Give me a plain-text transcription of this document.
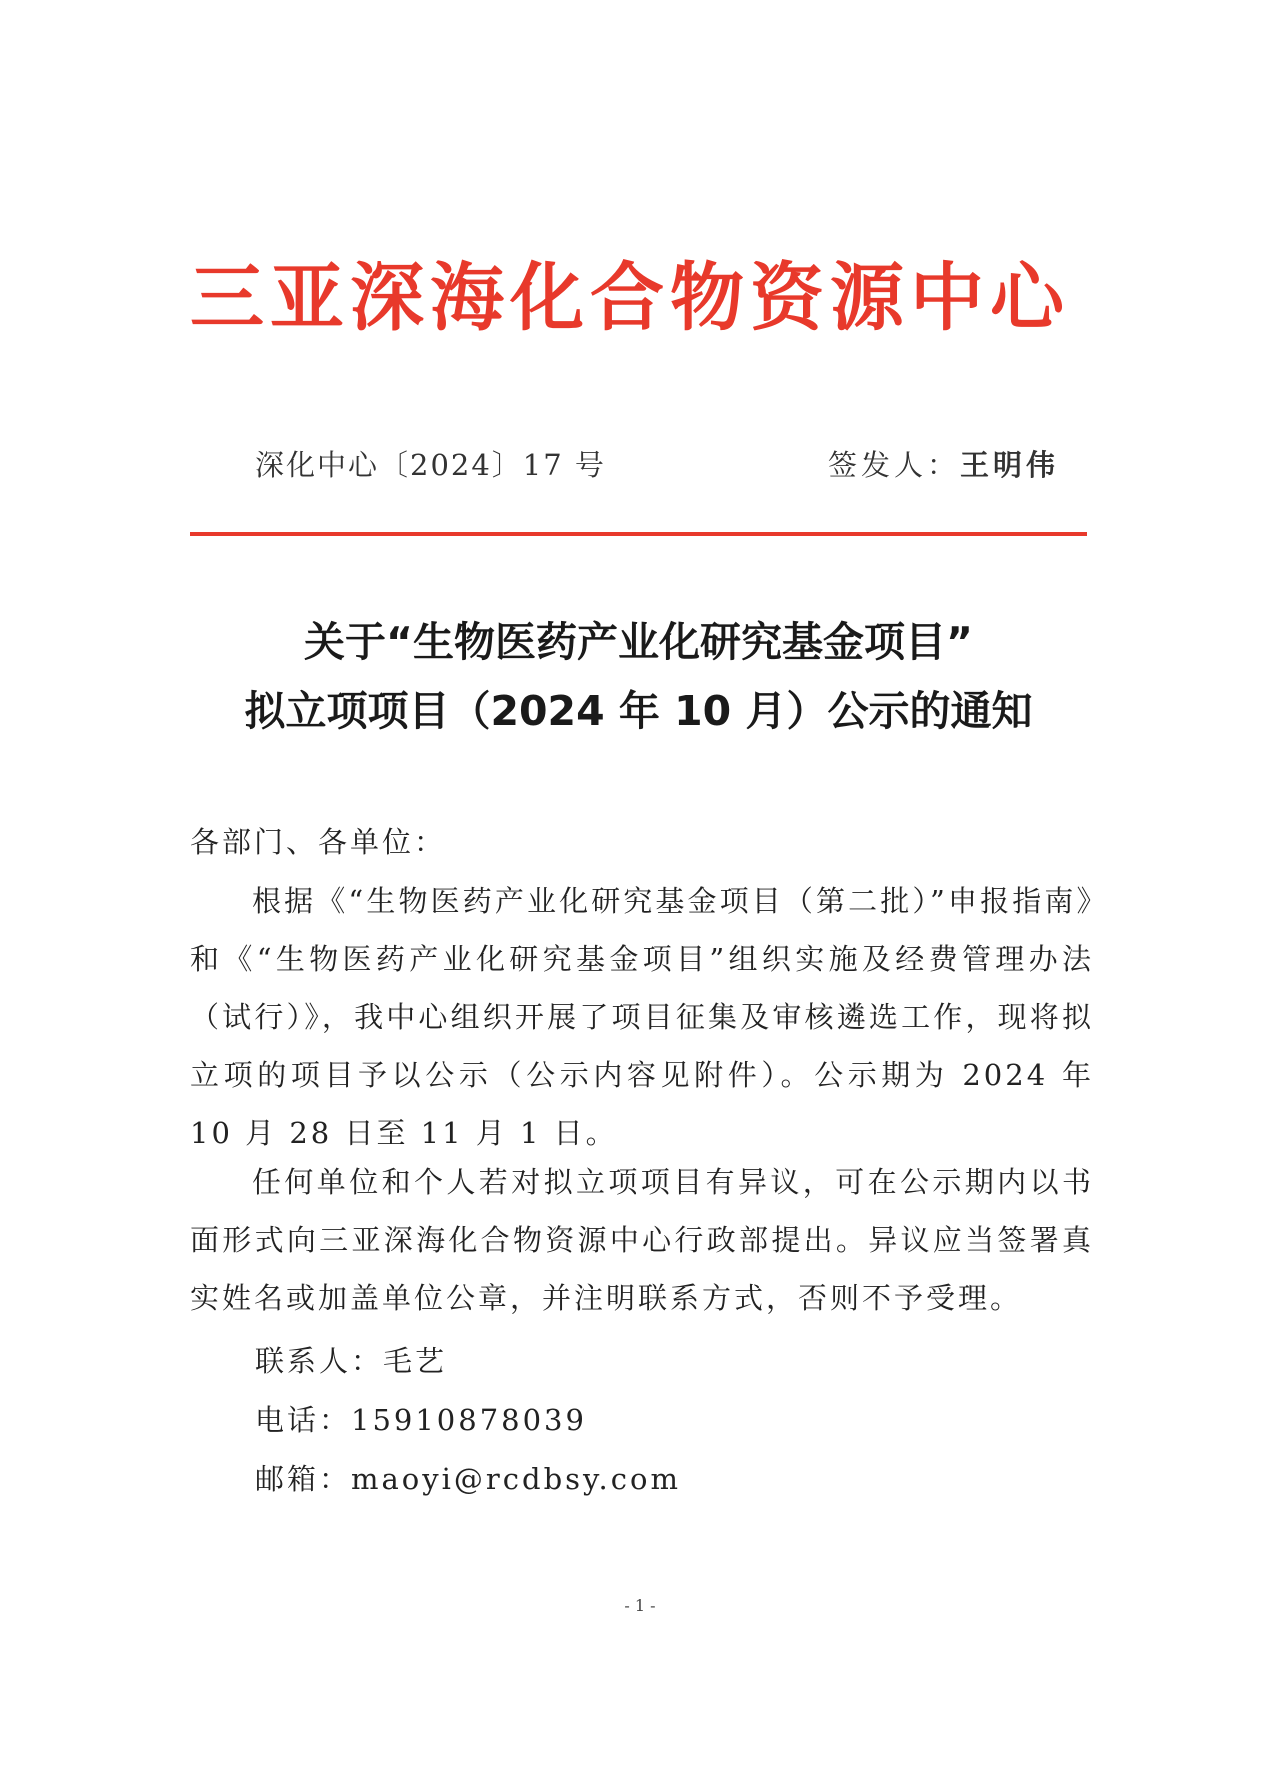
三亚深海化合物资源中心
深化中心〔2024〕17 号	签发人：王明伟
关于“生物医药产业化研究基金项目”
拟立项项目（2024 年 10 月）公示的通知
各部门、各单位：
根据《“生物医药产业化研究基金项目（第二批）”申报指南》和《“生物医药产业化研究基金项目”组织实施及经费管理办法（试行）》，我中心组织开展了项目征集及审核遴选工作，现将拟立项的项目予以公示（公示内容见附件）。公示期为 2024 年 10 月 28 日至 11 月 1 日。
任何单位和个人若对拟立项项目有异议，可在公示期内以书面形式向三亚深海化合物资源中心行政部提出。异议应当签署真实姓名或加盖单位公章，并注明联系方式，否则不予受理。
联系人：毛艺
电话：15910878039
邮箱：maoyi@rcdbsy.com
- 1 -
